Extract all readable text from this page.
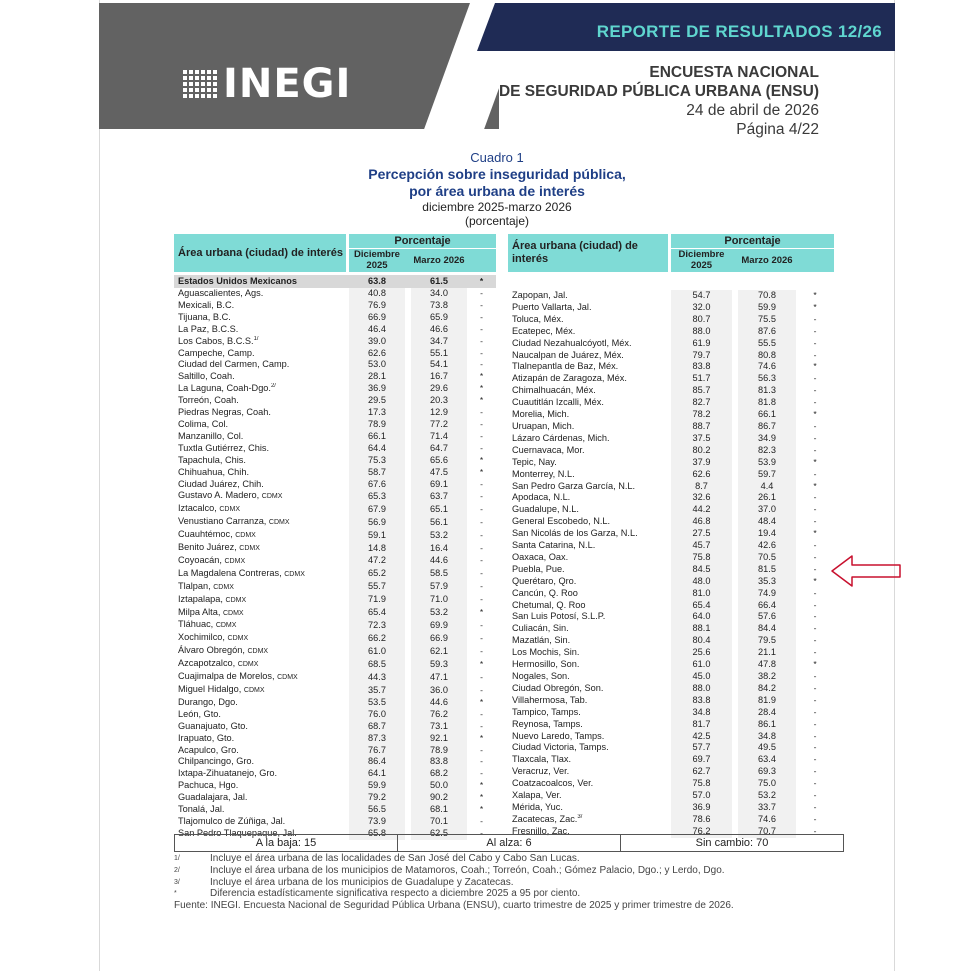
REPORTE DE RESULTADOS 12/26
INEGI	ENCUESTA NACIONAL
DE SEGURIDAD PÚBLICA URBANA (ENSU)
24 de abril de 2026
Página 4/22
Cuadro 1
Percepción sobre inseguridad pública,
por área urbana de interés
diciembre 2025-marzo 2026
(porcentaje)
Área urbana (ciudad) de interés		Porcentaje			
		Diciembre 2025		Marzo 2026	

Estados Unidos Mexicanos		63.8		61.5	*
Aguascalientes, Ags.		40.8		34.0	-
Mexicali, B.C.		76.9		73.8	-
Tijuana, B.C.		66.9		65.9	-
La Paz, B.C.S.		46.4		46.6	-
Los Cabos, B.C.S.$^{1/}$		39.0		34.7	-
Campeche, Camp.		62.6		55.1	-
Ciudad del Carmen, Camp.		53.0		54.1	-
Saltillo, Coah.		28.1		16.7	*
La Laguna, Coah-Dgo.$^{2/}$		36.9		29.6	*
Torreón, Coah.		29.5		20.3	*
Piedras Negras, Coah.		17.3		12.9	-
Colima, Col.		78.9		77.2	-
Manzanillo, Col.		66.1		71.4	-
Tuxtla Gutiérrez, Chis.		64.4		64.7	-
Tapachula, Chis.		75.3		65.6	*
Chihuahua, Chih.		58.7		47.5	*
Ciudad Juárez, Chih.		67.6		69.1	-
Gustavo A. Madero, CDMX		65.3		63.7	-
Iztacalco, CDMX		67.9		65.1	-
Venustiano Carranza, CDMX		56.9		56.1	-
Cuauhtémoc, CDMX		59.1		53.2	-
Benito Juárez, CDMX		14.8		16.4	-
Coyoacán, CDMX		47.2		44.6	-
La Magdalena Contreras, CDMX		65.2		58.5	-
Tlalpan, CDMX		55.7		57.9	-
Iztapalapa, CDMX		71.9		71.0	-
Milpa Alta, CDMX		65.4		53.2	*
Tláhuac, CDMX		72.3		69.9	-
Xochimilco, CDMX		66.2		66.9	-
Álvaro Obregón, CDMX		61.0		62.1	-
Azcapotzalco, CDMX		68.5		59.3	*
Cuajimalpa de Morelos, CDMX		44.3		47.1	-
Miguel Hidalgo, CDMX		35.7		36.0	-
Durango, Dgo.		53.5		44.6	*
León, Gto.		76.0		76.2	-
Guanajuato, Gto.		68.7		73.1	-
Irapuato, Gto.		87.3		92.1	*
Acapulco, Gro.		76.7		78.9	-
Chilpancingo, Gro.		86.4		83.8	-
Ixtapa-Zihuatanejo, Gro.		64.1		68.2	-
Pachuca, Hgo.		59.9		50.0	*
Guadalajara, Jal.		79.2		90.2	*
Tonalá, Jal.		56.5		68.1	*
Tlajomulco de Zúñiga, Jal.		73.9		70.1	-
San Pedro Tlaquepaque, Jal.		65.8		62.5	-
Área urbana (ciudad) de interés		Porcentaje			
		Diciembre 2025		Marzo 2026	

Zapopan, Jal.		54.7		70.8	*
Puerto Vallarta, Jal.		32.0		59.9	*
Toluca, Méx.		80.7		75.5	-
Ecatepec, Méx.		88.0		87.6	-
Ciudad Nezahualcóyotl, Méx.		61.9		55.5	-
Naucalpan de Juárez, Méx.		79.7		80.8	-
Tlalnepantla de Baz, Méx.		83.8		74.6	*
Atizapán de Zaragoza, Méx.		51.7		56.3	-
Chimalhuacán, Méx.		85.7		81.3	-
Cuautitlán Izcalli, Méx.		82.7		81.8	-
Morelia, Mich.		78.2		66.1	*
Uruapan, Mich.		88.7		86.7	-
Lázaro Cárdenas, Mich.		37.5		34.9	-
Cuernavaca, Mor.		80.2		82.3	-
Tepic, Nay.		37.9		53.9	*
Monterrey, N.L.		62.6		59.7	-
San Pedro Garza García, N.L.		8.7		4.4	*
Apodaca, N.L.		32.6		26.1	-
Guadalupe, N.L.		44.2		37.0	-
General Escobedo, N.L.		46.8		48.4	-
San Nicolás de los Garza, N.L.		27.5		19.4	*
Santa Catarina, N.L.		45.7		42.6	-
Oaxaca, Oax.		75.8		70.5	-
Puebla, Pue.		84.5		81.5	-
Querétaro, Qro.		48.0		35.3	*
Cancún, Q. Roo		81.0		74.9	-
Chetumal, Q. Roo		65.4		66.4	-
San Luis Potosí, S.L.P.		64.0		57.6	-
Culiacán, Sin.		88.1		84.4	-
Mazatlán, Sin.		80.4		79.5	-
Los Mochis, Sin.		25.6		21.1	-
Hermosillo, Son.		61.0		47.8	*
Nogales, Son.		45.0		38.2	-
Ciudad Obregón, Son.		88.0		84.2	-
Villahermosa, Tab.		83.8		81.9	-
Tampico, Tamps.		34.8		28.4	-
Reynosa, Tamps.		81.7		86.1	-
Nuevo Laredo, Tamps.		42.5		34.8	-
Ciudad Victoria, Tamps.		57.7		49.5	-
Tlaxcala, Tlax.		69.7		63.4	-
Veracruz, Ver.		62.7		69.3	-
Coatzacoalcos, Ver.		75.8		75.0	-
Xalapa, Ver.		57.0		53.2	-
Mérida, Yuc.		36.9		33.7	-
Zacatecas, Zac.$^{3/}$		78.6		74.6	-
Fresnillo, Zac.		76.2		70.7	-
A la baja: 15	Al alza: 6	Sin cambio: 70
1/	Incluye el área urbana de las localidades de San José del Cabo y Cabo San Lucas.
2/	Incluye el área urbana de los municipios de Matamoros, Coah.; Torreón, Coah.; Gómez Palacio, Dgo.; y Lerdo, Dgo.
3/	Incluye el área urbana de los municipios de Guadalupe y Zacatecas.
*	Diferencia estadísticamente significativa respecto a diciembre 2025 a 95 por ciento.
Fuente: INEGI. Encuesta Nacional de Seguridad Pública Urbana (ENSU), cuarto trimestre de 2025 y primer trimestre de 2026.
